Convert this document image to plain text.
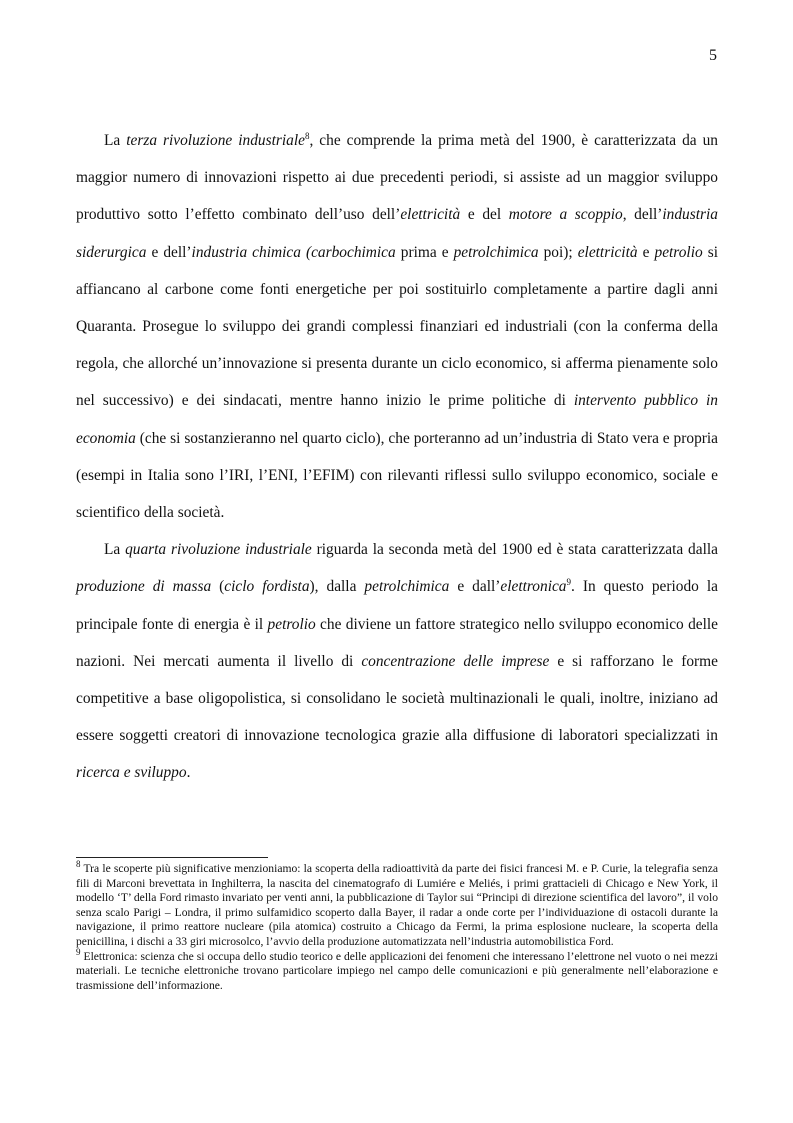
5

La terza rivoluzione industriale$^8$, che comprende la prima metà del 1900, è caratterizzata da un maggior numero di innovazioni rispetto ai due precedenti periodi, si assiste ad un maggior sviluppo produttivo sotto l’effetto combinato dell’uso dell’elettricità e del motore a scoppio, dell’industria siderurgica e dell’industria chimica (carbochimica prima e petrolchimica poi); elettricità e petrolio si affiancano al carbone come fonti energetiche per poi sostituirlo completamente a partire dagli anni Quaranta. Prosegue lo sviluppo dei grandi complessi finanziari ed industriali (con la conferma della regola, che allorché un’innovazione si presenta durante un ciclo economico, si afferma pienamente solo nel successivo) e dei sindacati, mentre hanno inizio le prime politiche di intervento pubblico in economia (che si sostanzieranno nel quarto ciclo), che porteranno ad un’industria di Stato vera e propria (esempi in Italia sono l’IRI, l’ENI, l’EFIM) con rilevanti riflessi sullo sviluppo economico, sociale e scientifico della società.

La quarta rivoluzione industriale riguarda la seconda metà del 1900 ed è stata caratterizzata dalla produzione di massa (ciclo fordista), dalla petrolchimica e dall’elettronica$^9$. In questo periodo la principale fonte di energia è il petrolio che diviene un fattore strategico nello sviluppo economico delle nazioni. Nei mercati aumenta il livello di concentrazione delle imprese e si rafforzano le forme competitive a base oligopolistica, si consolidano le società multinazionali le quali, inoltre, iniziano ad essere soggetti creatori di innovazione tecnologica grazie alla diffusione di laboratori specializzati in ricerca e sviluppo.

$^8$ Tra le scoperte più significative menzioniamo: la scoperta della radioattività da parte dei fisici francesi M. e P. Curie, la telegrafia senza fili di Marconi brevettata in Inghilterra, la nascita del cinematografo di Lumiére e Meliés, i primi grattacieli di Chicago e New York, il modello ‘T’ della Ford rimasto invariato per venti anni, la pubblicazione di Taylor sui “Principi di direzione scientifica del lavoro”, il volo senza scalo Parigi – Londra, il primo sulfamidico scoperto dalla Bayer, il radar a onde corte per l’individuazione di ostacoli durante la navigazione, il primo reattore nucleare (pila atomica) costruito a Chicago da Fermi, la prima esplosione nucleare, la scoperta della penicillina, i dischi a 33 giri microsolco, l’avvio della produzione automatizzata nell’industria automobilistica Ford.

$^9$ Elettronica: scienza che si occupa dello studio teorico e delle applicazioni dei fenomeni che interessano l’elettrone nel vuoto o nei mezzi materiali. Le tecniche elettroniche trovano particolare impiego nel campo delle comunicazioni e più generalmente nell’elaborazione e trasmissione dell’informazione.
